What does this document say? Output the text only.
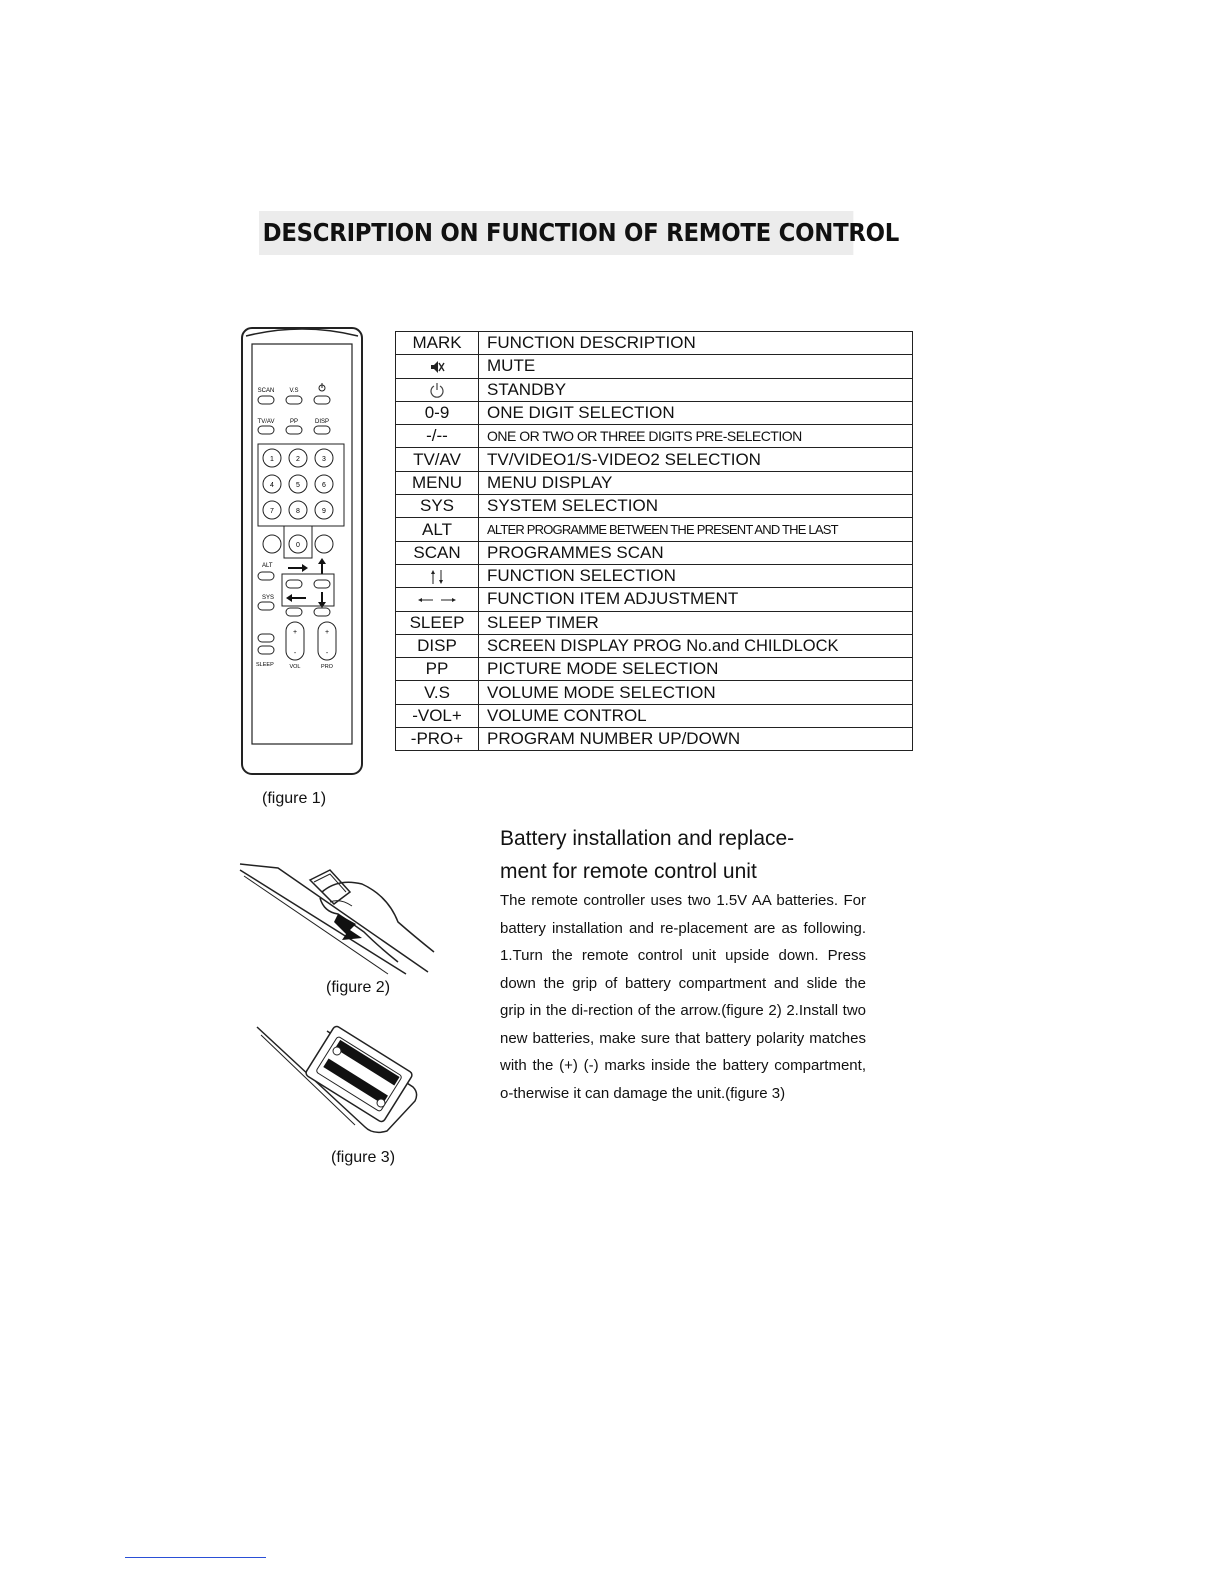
DESCRIPTION ON FUNCTION OF REMOTE CONTROL
SCAN	V.S
TV/AV	PP	DISP
1	2	3
4	5	6
7	8	9
0
ALT
SYS
SLEEP
+
-
+
-
VOL	PRO
(figure 1)
MARK	FUNCTION DESCRIPTION
	MUTE
	STANDBY
0-9	ONE DIGIT SELECTION
-/--	ONE OR TWO OR THREE DIGITS PRE-SELECTION
TV/AV	TV/VIDEO1/S-VIDEO2 SELECTION
MENU	MENU DISPLAY
SYS	SYSTEM SELECTION
ALT	ALTER PROGRAMME BETWEEN THE PRESENT AND THE LAST
SCAN	PROGRAMMES SCAN
	FUNCTION SELECTION
	FUNCTION ITEM ADJUSTMENT
SLEEP	SLEEP TIMER
DISP	SCREEN DISPLAY PROG No.and CHILDLOCK
PP	PICTURE MODE SELECTION
V.S	VOLUME MODE SELECTION
-VOL+	VOLUME CONTROL
-PRO+	PROGRAM NUMBER UP/DOWN
(figure 2)
(figure 3)
Battery installation and replace-
ment for remote control unit
The remote controller uses two 1.5V AA batteries. For battery installation and re-placement are as following. 1.Turn the remote control unit upside down. Press down the grip of battery compartment and slide the grip in the di-rection of the arrow.(figure 2) 2.Install two new batteries, make sure that battery polarity matches with the (+) (-) marks inside the battery compartment, o-therwise it can damage the unit.(figure 3)
